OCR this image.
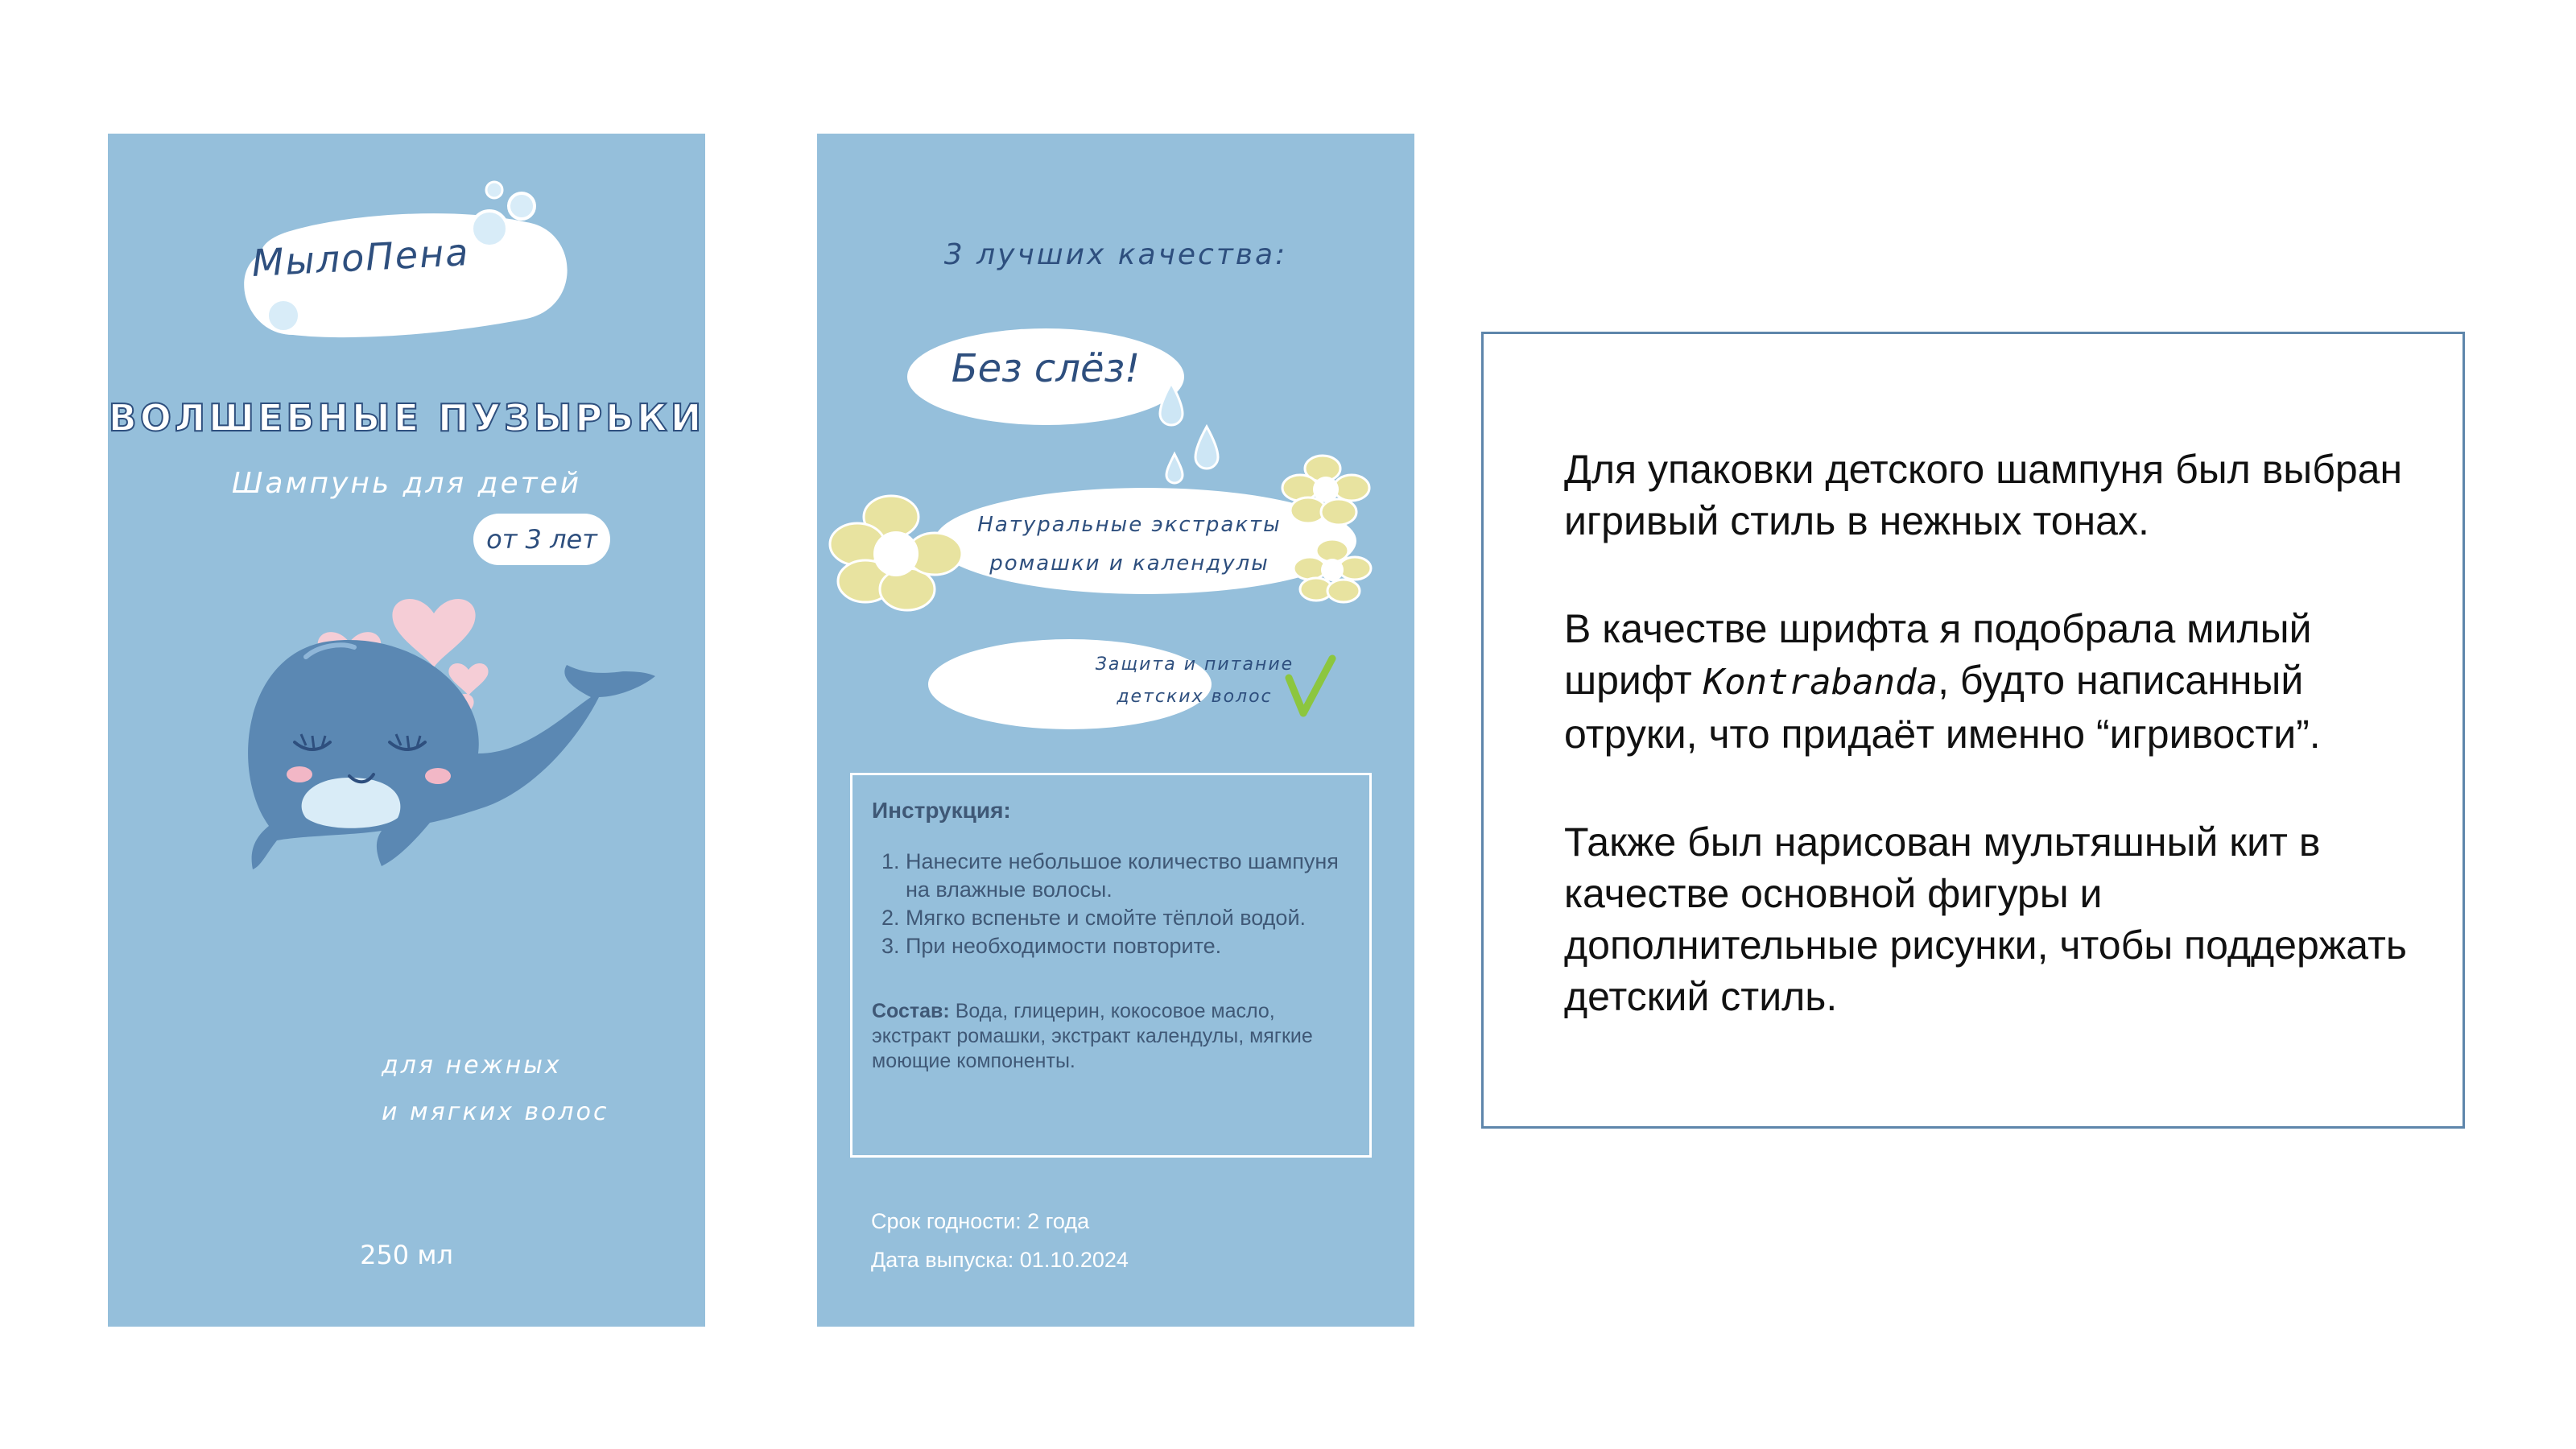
МылоПена
ВОЛШЕБНЫЕ ПУЗЫРЬКИ
Шампунь для детей
от 3 лет
для нежных
и мягких волос
250 мл
3 лучших качества:
Без слёз!
Натуральные экстракты
ромашки и календулы
Защита и питание
детских волос
Инструкция:
1. Нанесите небольшое количество шампуня на влажные волосы.
2. Мягко вспеньте и смойте тёплой водой.
3. При необходимости повторите.
Состав: Вода, глицерин, кокосовое масло, экстракт ромашки, экстракт календулы, мягкие моющие компоненты.
Срок годности: 2 года
Дата выпуска: 01.10.2024

Для упаковки детского шампуня был выбран игривый стиль в нежных тонах.

В качестве шрифта я подобрала милый шрифт Kontrabanda, будто написанный отруки, что придаёт именно “игривости”.

Также был нарисован мультяшный кит в качестве основной фигуры и дополнительные рисунки, чтобы поддержать детский стиль.
